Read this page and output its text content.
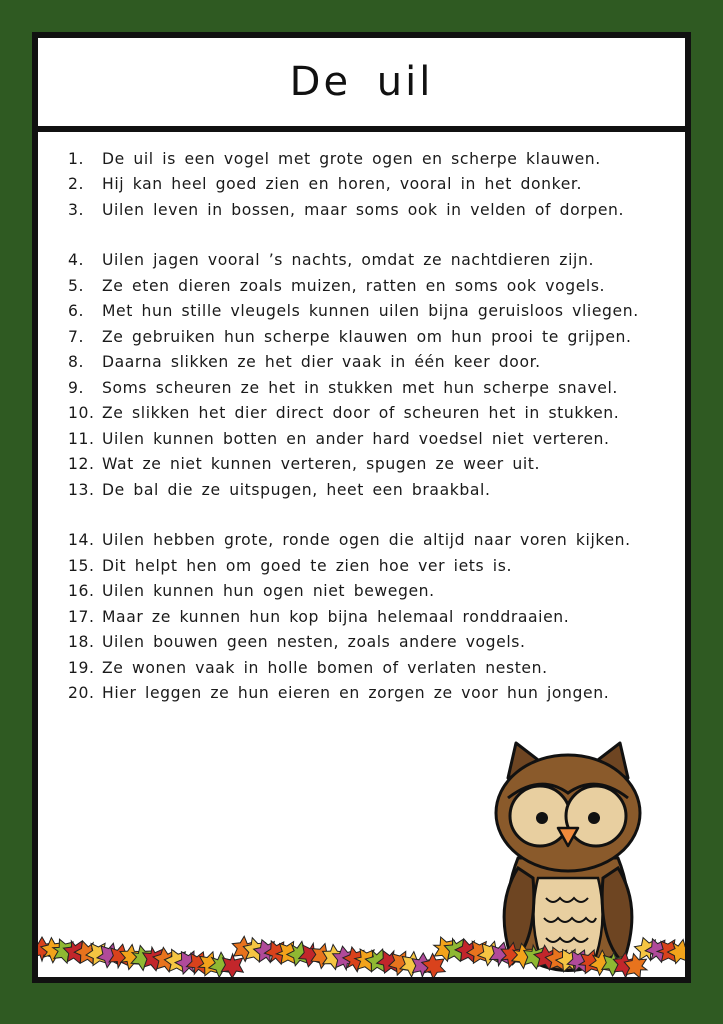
De uil
1.	De uil is een vogel met grote ogen en scherpe klauwen.
2.	Hij kan heel goed zien en horen, vooral in het donker.
3.	Uilen leven in bossen, maar soms ook in velden of dorpen.
4.	Uilen jagen vooral ’s nachts, omdat ze nachtdieren zijn.
5.	Ze eten dieren zoals muizen, ratten en soms ook vogels.
6.	Met hun stille vleugels kunnen uilen bijna geruisloos vliegen.
7.	Ze gebruiken hun scherpe klauwen om hun prooi te grijpen.
8.	Daarna slikken ze het dier vaak in één keer door.
9.	Soms scheuren ze het in stukken met hun scherpe snavel.
10. Ze slikken het dier direct door of scheuren het in stukken.
11. Uilen kunnen botten en ander hard voedsel niet verteren.
12. Wat ze niet kunnen verteren, spugen ze weer uit.
13. De bal die ze uitspugen, heet een braakbal.
14. Uilen hebben grote, ronde ogen die altijd naar voren kijken.
15. Dit helpt hen om goed te zien hoe ver iets is.
16. Uilen kunnen hun ogen niet bewegen.
17. Maar ze kunnen hun kop bijna helemaal ronddraaien.
18. Uilen bouwen geen nesten, zoals andere vogels.
19. Ze wonen vaak in holle bomen of verlaten nesten.
20. Hier leggen ze hun eieren en zorgen ze voor hun jongen.
